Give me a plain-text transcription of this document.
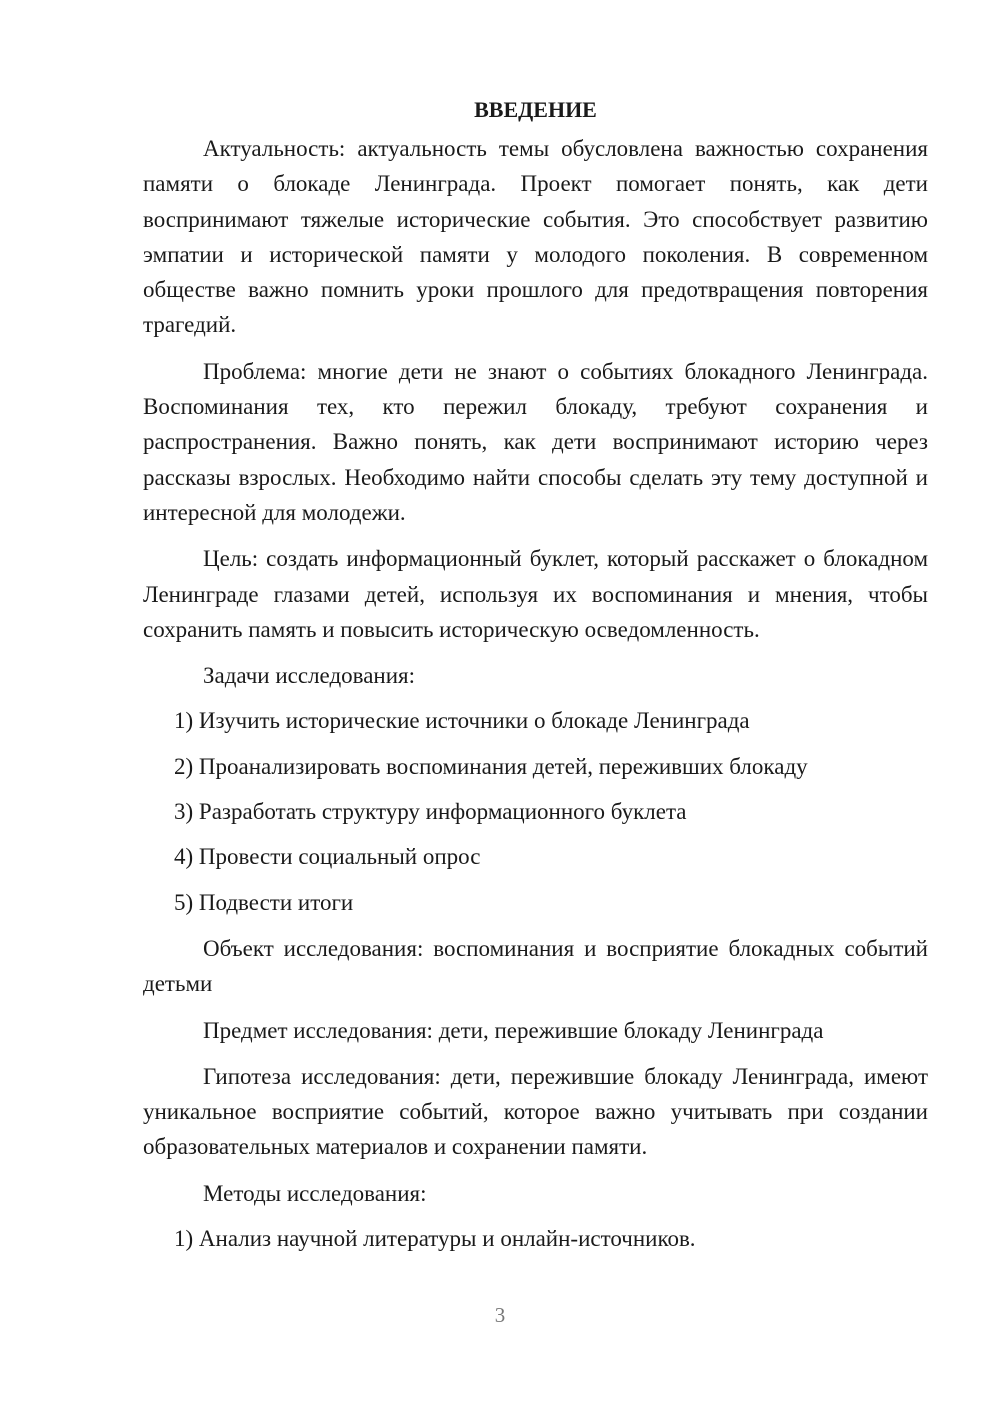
ВВЕДЕНИЕ

Актуальность: актуальность темы обусловлена важностью сохранения памяти о блокаде Ленинграда. Проект помогает понять, как дети воспринимают тяжелые исторические события. Это способствует развитию эмпатии и исторической памяти у молодого поколения. В современном обществе важно помнить уроки прошлого для предотвращения повторения трагедий.

Проблема: многие дети не знают о событиях блокадного Ленинграда. Воспоминания тех, кто пережил блокаду, требуют сохранения и распространения. Важно понять, как дети воспринимают историю через рассказы взрослых. Необходимо найти способы сделать эту тему доступной и интересной для молодежи.

Цель: создать информационный буклет, который расскажет о блокадном Ленинграде глазами детей, используя их воспоминания и мнения, чтобы сохранить память и повысить историческую осведомленность.

Задачи исследования:

1) Изучить исторические источники о блокаде Ленинграда

2) Проанализировать воспоминания детей, переживших блокаду

3) Разработать структуру информационного буклета

4) Провести социальный опрос

5) Подвести итоги

Объект исследования: воспоминания и восприятие блокадных событий детьми

Предмет исследования: дети, пережившие блокаду Ленинграда

Гипотеза исследования: дети, пережившие блокаду Ленинграда, имеют уникальное восприятие событий, которое важно учитывать при создании образовательных материалов и сохранении памяти.

Методы исследования:

1) Анализ научной литературы и онлайн-источников.

3
